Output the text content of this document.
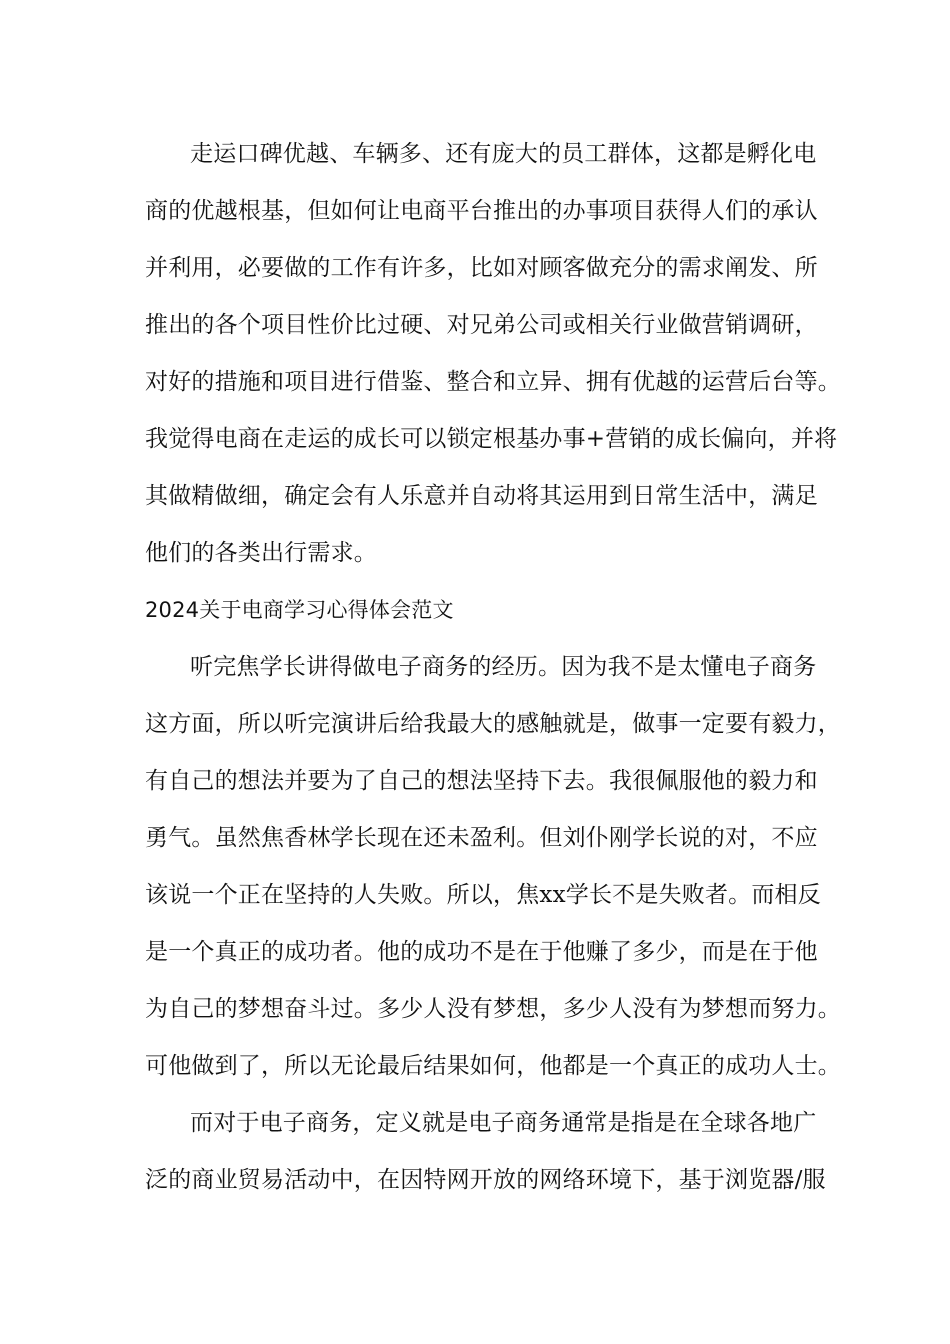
走运口碑优越、车辆多、还有庞大的员工群体，这都是孵化电
商的优越根基，但如何让电商平台推出的办事项目获得人们的承认
并利用，必要做的工作有许多，比如对顾客做充分的需求阐发、所
推出的各个项目性价比过硬、对兄弟公司或相关行业做营销调研，
对好的措施和项目进行借鉴、整合和立异、拥有优越的运营后台等。
我觉得电商在走运的成长可以锁定根基办事+营销的成长偏向，并将
其做精做细，确定会有人乐意并自动将其运用到日常生活中，满足
他们的各类出行需求。
2024关于电商学习心得体会范文
听完焦学长讲得做电子商务的经历。因为我不是太懂电子商务
这方面，所以听完演讲后给我最大的感触就是，做事一定要有毅力，
有自己的想法并要为了自己的想法坚持下去。我很佩服他的毅力和
勇气。虽然焦香林学长现在还未盈利。但刘仆刚学长说的对，不应
该说一个正在坚持的人失败。所以，焦xx学长不是失败者。而相反
是一个真正的成功者。他的成功不是在于他赚了多少，而是在于他
为自己的梦想奋斗过。多少人没有梦想，多少人没有为梦想而努力。
可他做到了，所以无论最后结果如何，他都是一个真正的成功人士。
而对于电子商务，定义就是电子商务通常是指是在全球各地广
泛的商业贸易活动中，在因特网开放的网络环境下，基于浏览器/服
